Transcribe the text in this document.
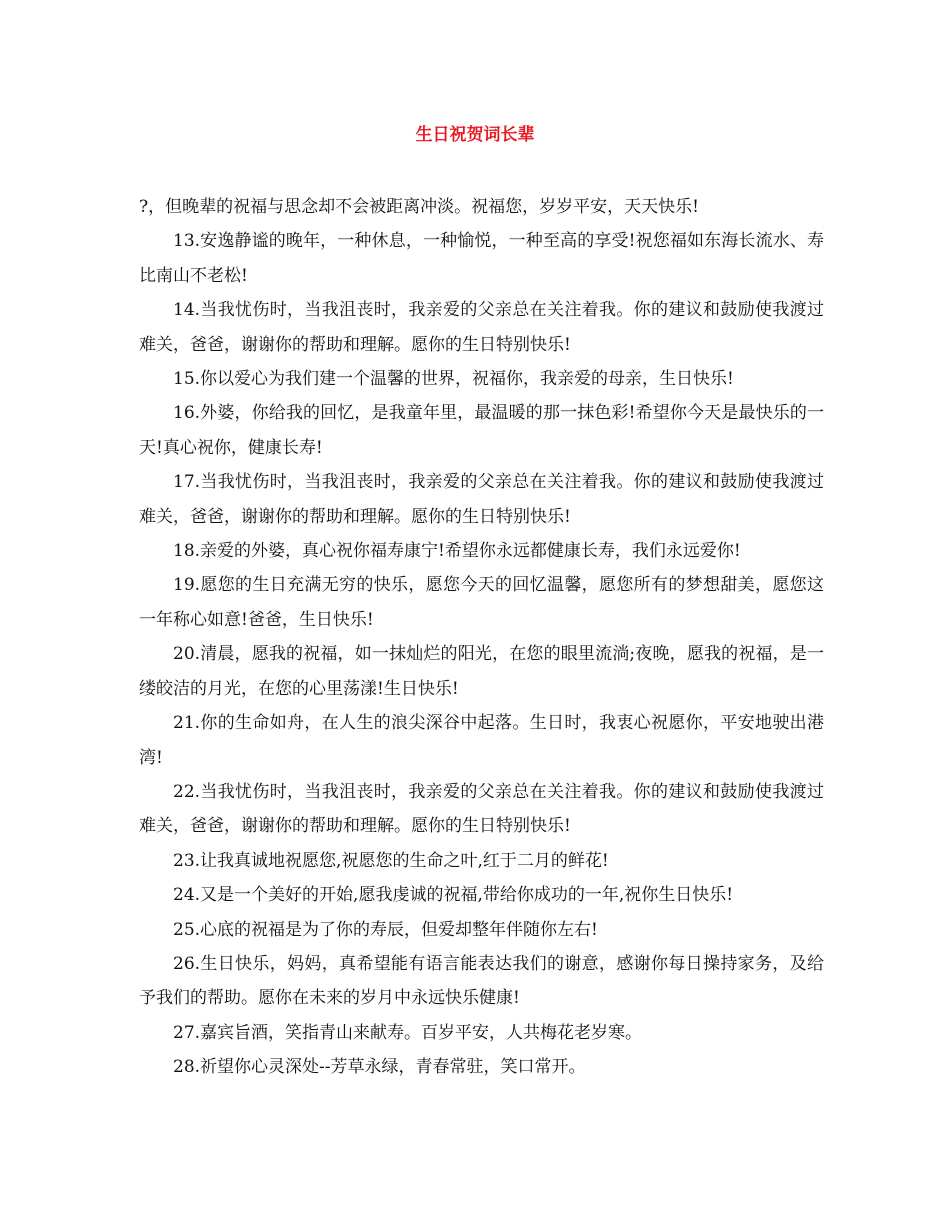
生日祝贺词长辈

?，但晚辈的祝福与思念却不会被距离冲淡。祝福您，岁岁平安，天天快乐!

13.安逸静谧的晚年，一种休息，一种愉悦，一种至高的享受!祝您福如东海长流水、寿比南山不老松!

14.当我忧伤时，当我沮丧时，我亲爱的父亲总在关注着我。你的建议和鼓励使我渡过难关，爸爸，谢谢你的帮助和理解。愿你的生日特别快乐!

15.你以爱心为我们建一个温馨的世界，祝福你，我亲爱的母亲，生日快乐!

16.外婆，你给我的回忆，是我童年里，最温暖的那一抹色彩!希望你今天是最快乐的一天!真心祝你，健康长寿!

17.当我忧伤时，当我沮丧时，我亲爱的父亲总在关注着我。你的建议和鼓励使我渡过难关，爸爸，谢谢你的帮助和理解。愿你的生日特别快乐!

18.亲爱的外婆，真心祝你福寿康宁!希望你永远都健康长寿，我们永远爱你!

19.愿您的生日充满无穷的快乐，愿您今天的回忆温馨，愿您所有的梦想甜美，愿您这一年称心如意!爸爸，生日快乐!

20.清晨，愿我的祝福，如一抹灿烂的阳光，在您的眼里流淌;夜晚，愿我的祝福，是一缕皎洁的月光，在您的心里荡漾!生日快乐!

21.你的生命如舟，在人生的浪尖深谷中起落。生日时，我衷心祝愿你，平安地驶出港湾!

22.当我忧伤时，当我沮丧时，我亲爱的父亲总在关注着我。你的建议和鼓励使我渡过难关，爸爸，谢谢你的帮助和理解。愿你的生日特别快乐!

23.让我真诚地祝愿您,祝愿您的生命之叶,红于二月的鲜花!

24.又是一个美好的开始,愿我虔诚的祝福,带给你成功的一年,祝你生日快乐!

25.心底的祝福是为了你的寿辰，但爱却整年伴随你左右!

26.生日快乐，妈妈，真希望能有语言能表达我们的谢意，感谢你每日操持家务，及给予我们的帮助。愿你在未来的岁月中永远快乐健康!

27.嘉宾旨酒，笑指青山来献寿。百岁平安，人共梅花老岁寒。

28.祈望你心灵深处--芳草永绿，青春常驻，笑口常开。
